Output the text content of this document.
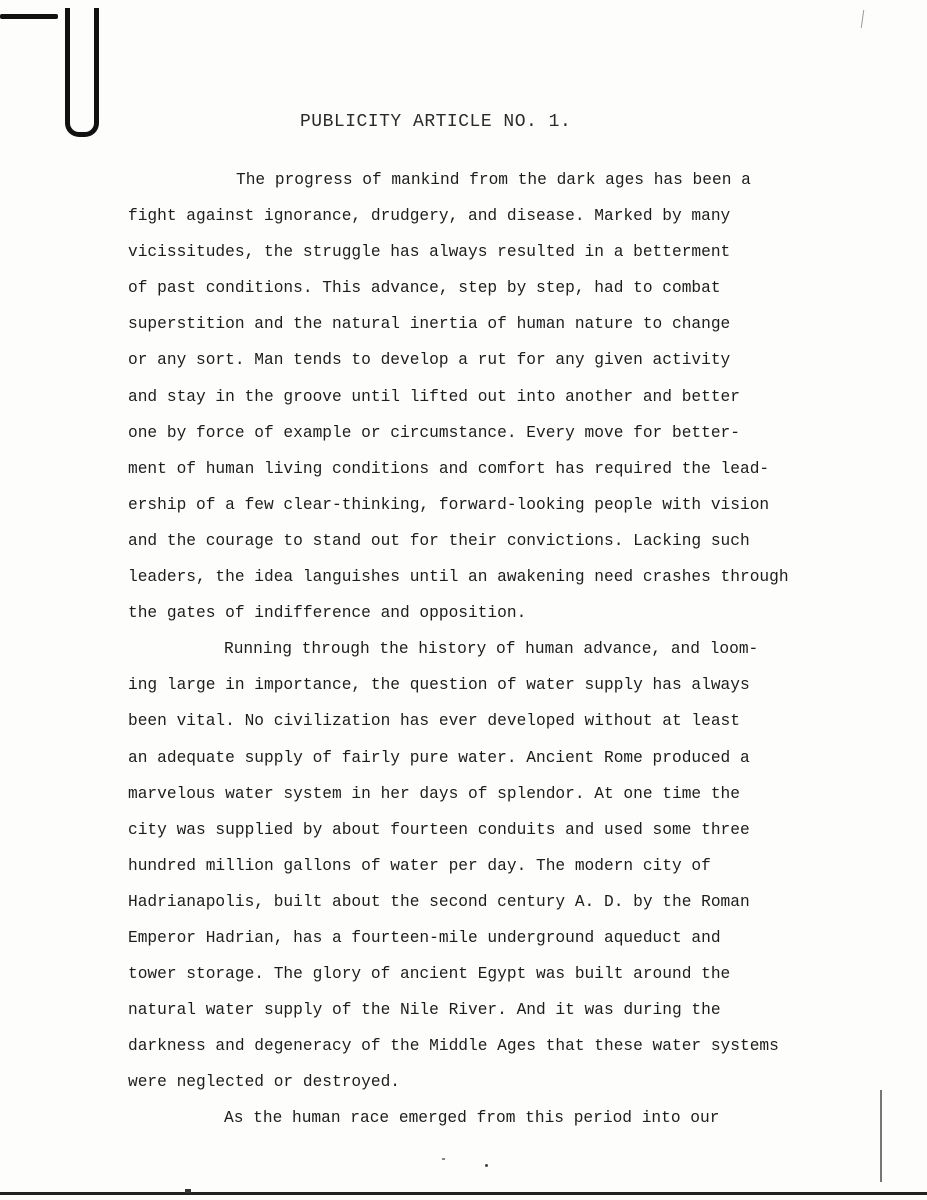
PUBLICITY ARTICLE NO. 1.
The progress of mankind from the dark ages has been a
fight against ignorance, drudgery, and disease. Marked by many
vicissitudes, the struggle has always resulted in a betterment
of past conditions. This advance, step by step, had to combat
superstition and the natural inertia of human nature to change
or any sort. Man tends to develop a rut for any given activity
and stay in the groove until lifted out into another and better
one by force of example or circumstance. Every move for better-
ment of human living conditions and comfort has required the lead-
ership of a few clear-thinking, forward-looking people with vision
and the courage to stand out for their convictions. Lacking such
leaders, the idea languishes until an awakening need crashes through
the gates of indifference and opposition.
Running through the history of human advance, and loom-
ing large in importance, the question of water supply has always
been vital. No civilization has ever developed without at least
an adequate supply of fairly pure water. Ancient Rome produced a
marvelous water system in her days of splendor. At one time the
city was supplied by about fourteen conduits and used some three
hundred million gallons of water per day. The modern city of
Hadrianapolis, built about the second century A. D. by the Roman
Emperor Hadrian, has a fourteen-mile underground aqueduct and
tower storage. The glory of ancient Egypt was built around the
natural water supply of the Nile River. And it was during the
darkness and degeneracy of the Middle Ages that these water systems
were neglected or destroyed.
As the human race emerged from this period into our
